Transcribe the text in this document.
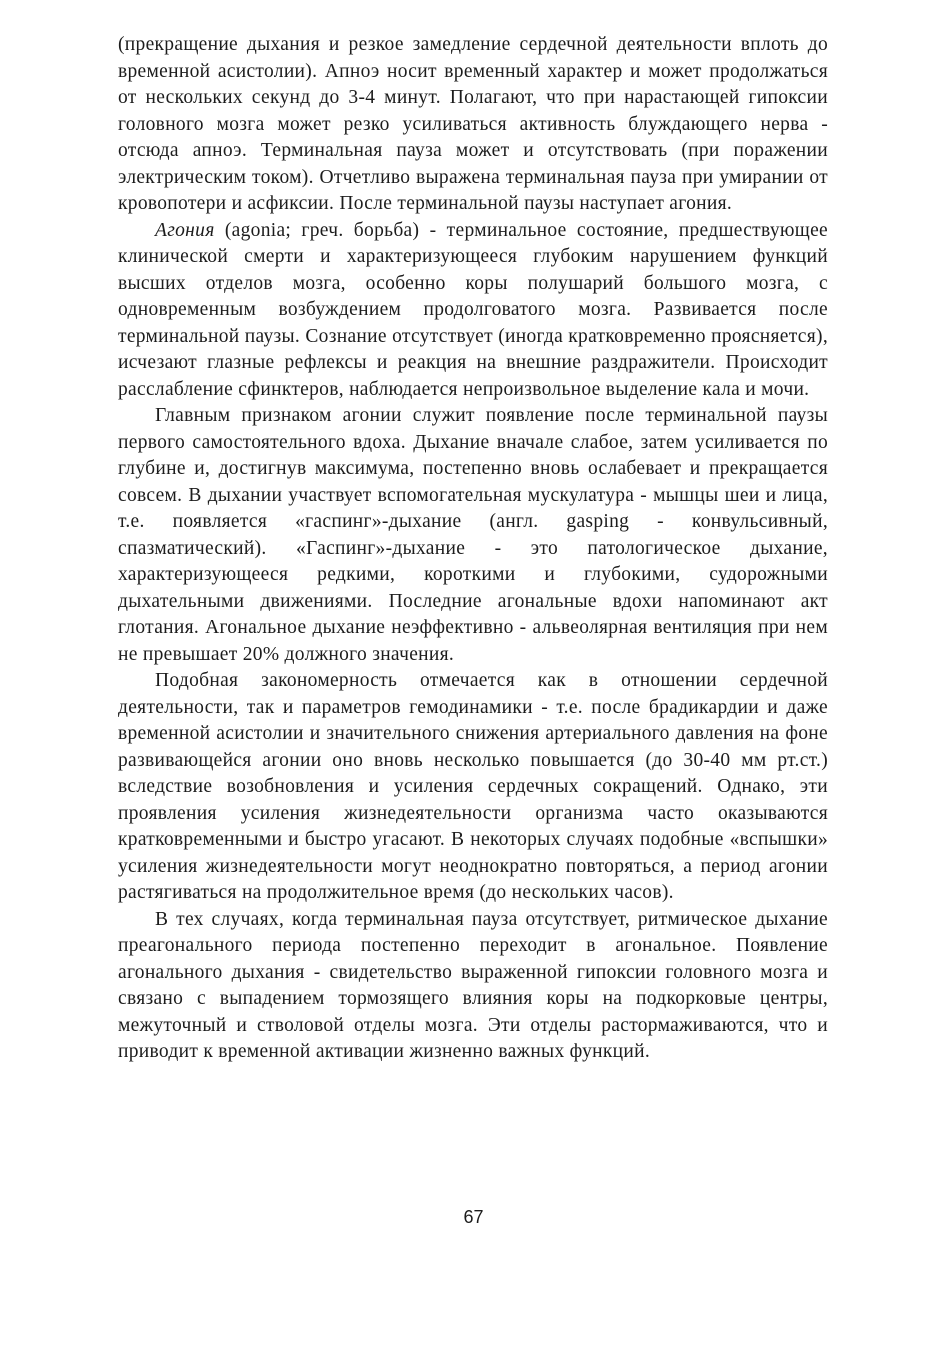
(прекращение дыхания и резкое замедление сердечной деятельности вплоть до временной асистолии). Апноэ носит временный характер и может продолжаться от нескольких секунд до 3-4 минут. Полагают, что при нарастающей гипоксии головного мозга может резко усиливаться активность блуждающего нерва - отсюда апноэ. Терминальная пауза может и отсутствовать (при поражении электрическим током). Отчетливо выражена терминальная пауза при умирании от кровопотери и асфиксии. После терминальной паузы наступает агония.

Агония (agonia; греч. борьба) - терминальное состояние, предшествующее клинической смерти и характеризующееся глубоким нарушением функций высших отделов мозга, особенно коры полушарий большого мозга, с одновременным возбуждением продолговатого мозга. Развивается после терминальной паузы. Сознание отсутствует (иногда кратковременно проясняется), исчезают глазные рефлексы и реакция на внешние раздражители. Происходит расслабление сфинктеров, наблюдается непроизвольное выделение кала и мочи.

Главным признаком агонии служит появление после терминальной паузы первого самостоятельного вдоха. Дыхание вначале слабое, затем усиливается по глубине и, достигнув максимума, постепенно вновь ослабевает и прекращается совсем. В дыхании участвует вспомогательная мускулатура - мышцы шеи и лица, т.е. появляется «гаспинг»-дыхание (англ. gasping - конвульсивный, спазматический). «Гаспинг»-дыхание - это патологическое дыхание, характеризующееся редкими, короткими и глубокими, судорожными дыхательными движениями. Последние агональные вдохи напоминают акт глотания. Агональное дыхание неэффективно - альвеолярная вентиляция при нем не превышает 20% должного значения.

Подобная закономерность отмечается как в отношении сердечной деятельности, так и параметров гемодинамики - т.е. после брадикардии и даже временной асистолии и значительного снижения артериального давления на фоне развивающейся агонии оно вновь несколько повышается (до 30-40 мм рт.ст.) вследствие возобновления и усиления сердечных сокращений. Однако, эти проявления усиления жизнедеятельности организма часто оказываются кратковременными и быстро угасают. В некоторых случаях подобные «вспышки» усиления жизнедеятельности могут неоднократно повторяться, а период агонии растягиваться на продолжительное время (до нескольких часов).

В тех случаях, когда терминальная пауза отсутствует, ритмическое дыхание преагонального периода постепенно переходит в агональное. Появление агонального дыхания - свидетельство выраженной гипоксии головного мозга и связано с выпадением тормозящего влияния коры на подкорковые центры, межуточный и стволовой отделы мозга. Эти отделы растормаживаются, что и приводит к временной активации жизненно важных функций.

67
